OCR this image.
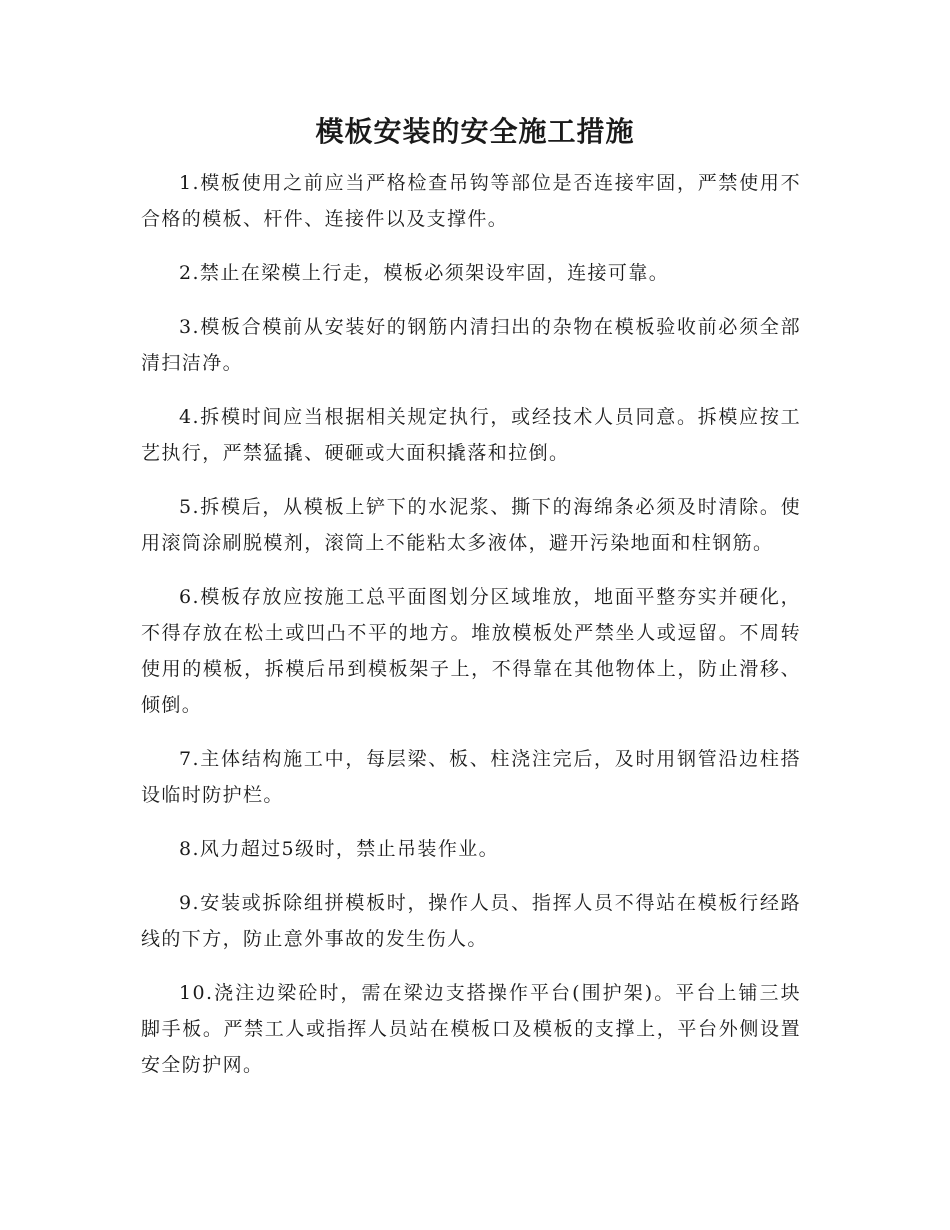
模板安装的安全施工措施

1.模板使用之前应当严格检查吊钩等部位是否连接牢固，严禁使用不合格的模板、杆件、连接件以及支撑件。

2.禁止在梁模上行走，模板必须架设牢固，连接可靠。

3.模板合模前从安装好的钢筋内清扫出的杂物在模板验收前必须全部清扫洁净。

4.拆模时间应当根据相关规定执行，或经技术人员同意。拆模应按工艺执行，严禁猛撬、硬砸或大面积撬落和拉倒。

5.拆模后，从模板上铲下的水泥浆、撕下的海绵条必须及时清除。使用滚筒涂刷脱模剂，滚筒上不能粘太多液体，避开污染地面和柱钢筋。

6.模板存放应按施工总平面图划分区域堆放，地面平整夯实并硬化，不得存放在松土或凹凸不平的地方。堆放模板处严禁坐人或逗留。不周转使用的模板，拆模后吊到模板架子上，不得靠在其他物体上，防止滑移、倾倒。

7.主体结构施工中，每层梁、板、柱浇注完后，及时用钢管沿边柱搭设临时防护栏。

8.风力超过5级时，禁止吊装作业。

9.安装或拆除组拼模板时，操作人员、指挥人员不得站在模板行经路线的下方，防止意外事故的发生伤人。

10.浇注边梁砼时，需在梁边支搭操作平台(围护架)。平台上铺三块脚手板。严禁工人或指挥人员站在模板口及模板的支撑上，平台外侧设置安全防护网。
